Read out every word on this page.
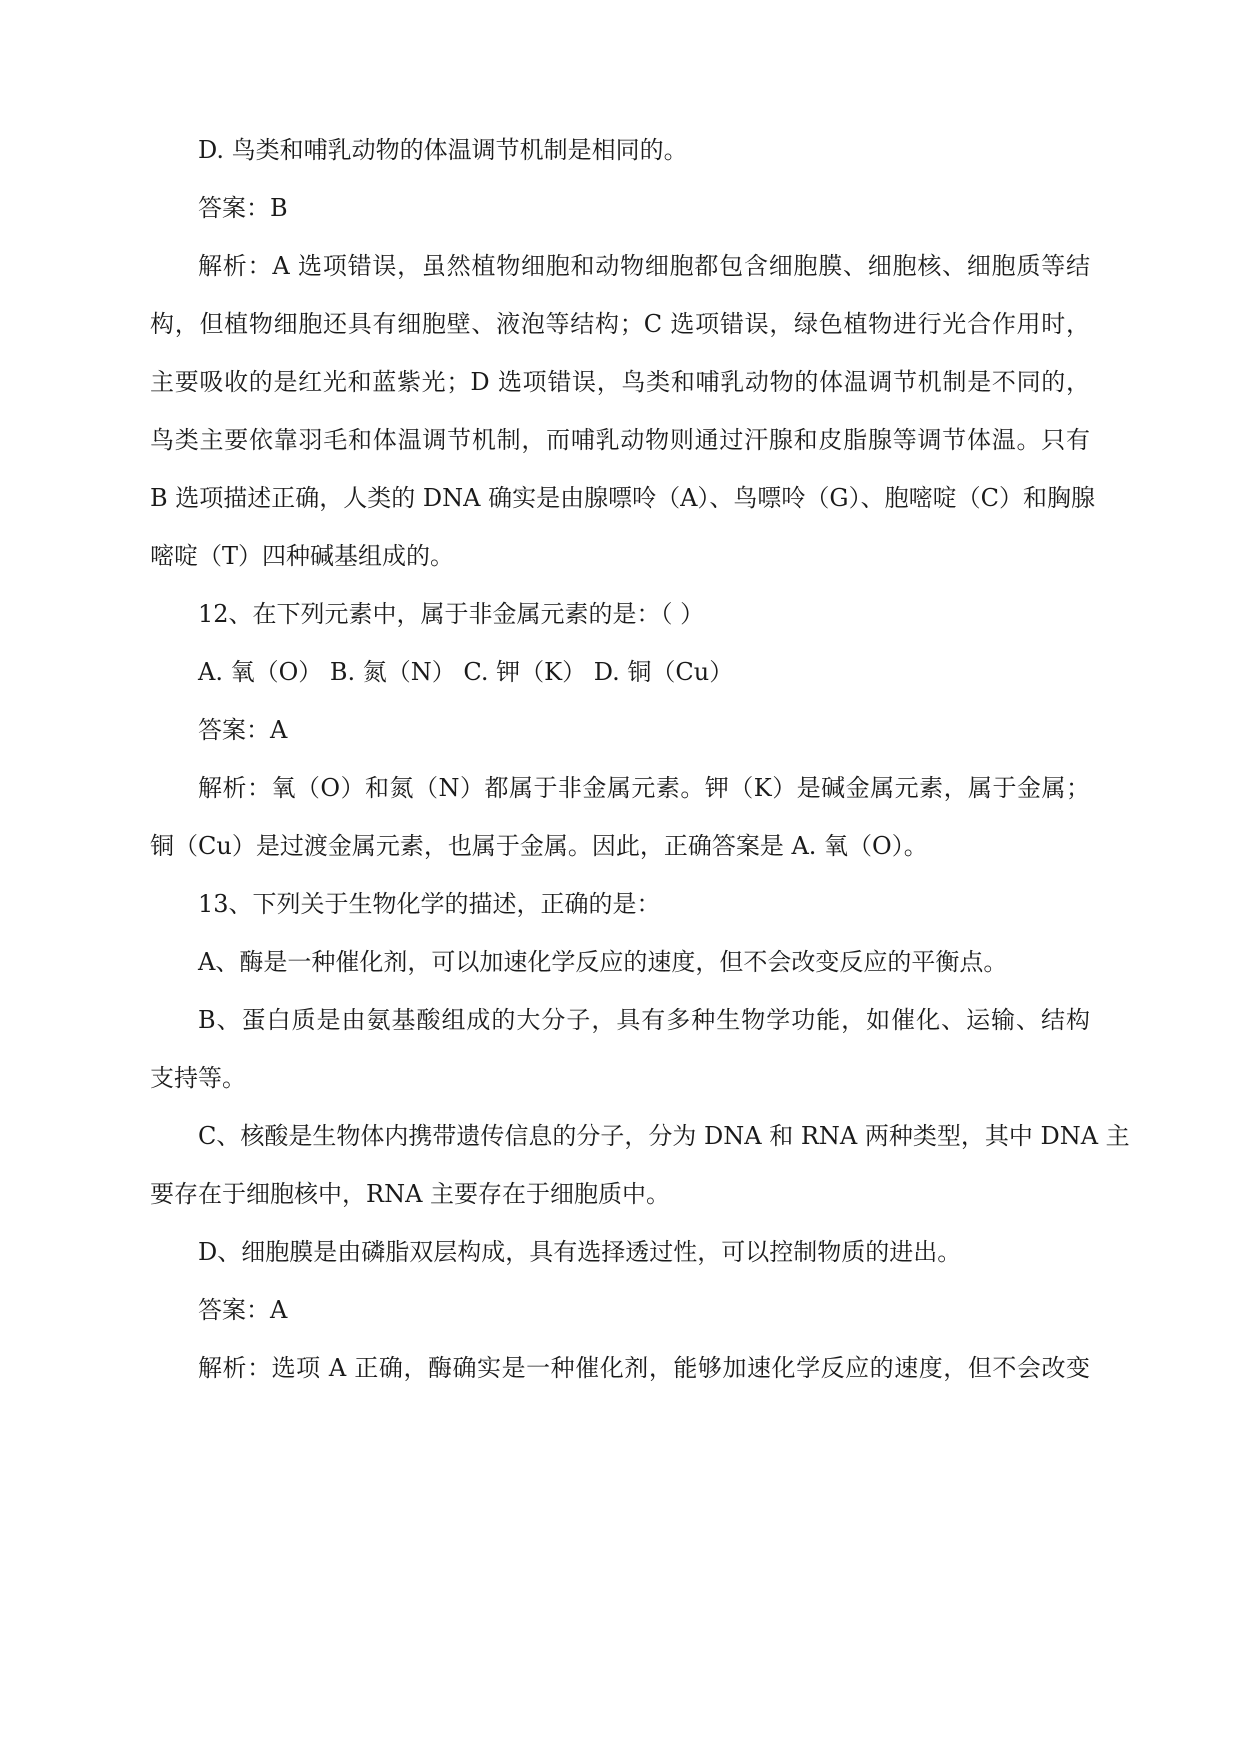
D. 鸟类和哺乳动物的体温调节机制是相同的。
答案：B
解析：A 选项错误，虽然植物细胞和动物细胞都包含细胞膜、细胞核、细胞质等结
构，但植物细胞还具有细胞壁、液泡等结构；C 选项错误，绿色植物进行光合作用时，
主要吸收的是红光和蓝紫光；D 选项错误，鸟类和哺乳动物的体温调节机制是不同的，
鸟类主要依靠羽毛和体温调节机制，而哺乳动物则通过汗腺和皮脂腺等调节体温。只有
B 选项描述正确，人类的 DNA 确实是由腺嘌呤（A）、鸟嘌呤（G）、胞嘧啶（C）和胸腺
嘧啶（T）四种碱基组成的。
12、在下列元素中，属于非金属元素的是：（ ）
A. 氧（O） B. 氮（N） C. 钾（K） D. 铜（Cu）
答案：A
解析：氧（O）和氮（N）都属于非金属元素。钾（K）是碱金属元素，属于金属；
铜（Cu）是过渡金属元素，也属于金属。因此，正确答案是 A. 氧（O）。
13、下列关于生物化学的描述，正确的是：
A、酶是一种催化剂，可以加速化学反应的速度，但不会改变反应的平衡点。
B、蛋白质是由氨基酸组成的大分子，具有多种生物学功能，如催化、运输、结构
支持等。
C、核酸是生物体内携带遗传信息的分子，分为 DNA 和 RNA 两种类型，其中 DNA 主
要存在于细胞核中，RNA 主要存在于细胞质中。
D、细胞膜是由磷脂双层构成，具有选择透过性，可以控制物质的进出。
答案：A
解析：选项 A 正确，酶确实是一种催化剂，能够加速化学反应的速度，但不会改变
